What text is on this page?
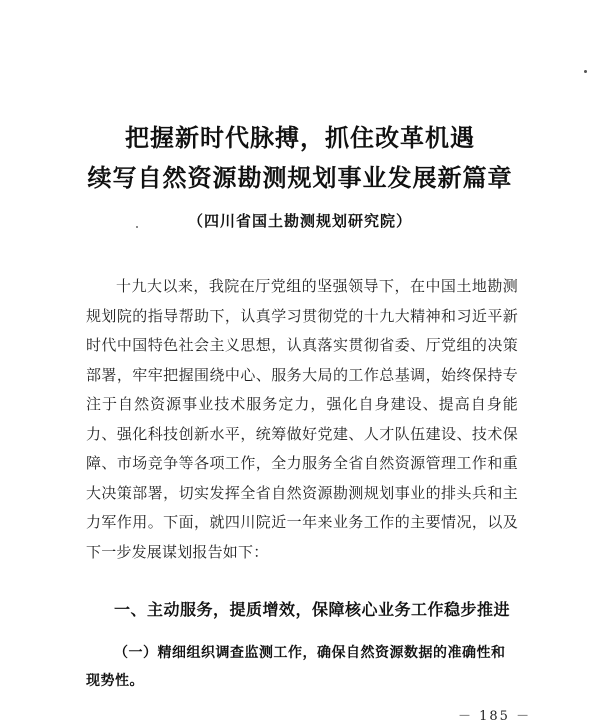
把握新时代脉搏，抓住改革机遇
续写自然资源勘测规划事业发展新篇章
（四川省国土勘测规划研究院）
十九大以来，我院在厅党组的坚强领导下，在中国土地勘测规划院的指导帮助下，认真学习贯彻党的十九大精神和习近平新时代中国特色社会主义思想，认真落实贯彻省委、厅党组的决策部署，牢牢把握围绕中心、服务大局的工作总基调，始终保持专注于自然资源事业技术服务定力，强化自身建设、提高自身能力、强化科技创新水平，统筹做好党建、人才队伍建设、技术保障、市场竞争等各项工作，全力服务全省自然资源管理工作和重大决策部署，切实发挥全省自然资源勘测规划事业的排头兵和主力军作用。下面，就四川院近一年来业务工作的主要情况，以及下一步发展谋划报告如下：
一、主动服务，提质增效，保障核心业务工作稳步推进
（一）精细组织调查监测工作，确保自然资源数据的准确性和现势性。
－ 185 －
